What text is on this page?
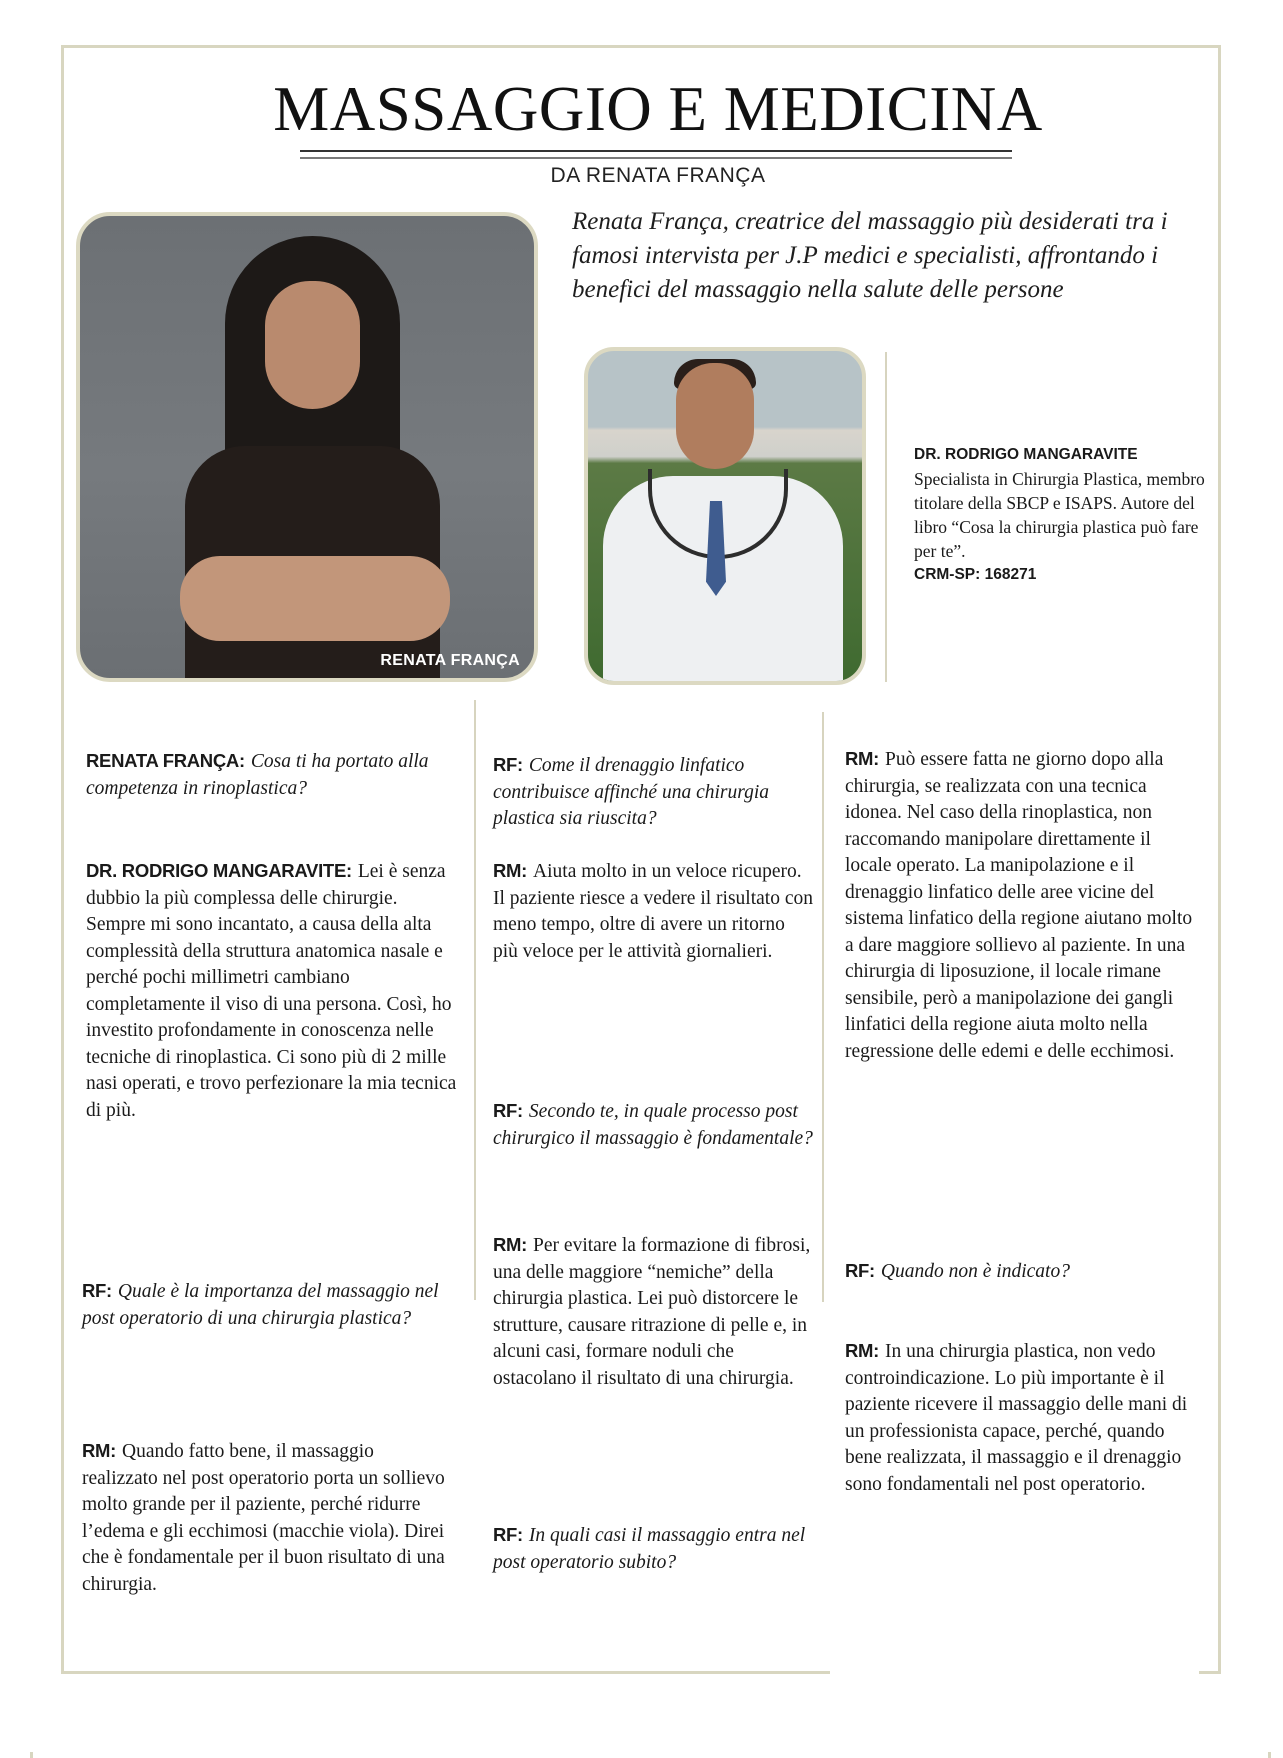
MASSAGGIO E MEDICINA
DA RENATA FRANÇA
RENATA FRANÇA
Renata França, creatrice del massaggio più desiderati tra i famosi intervista per J.P medici e specialisti, affrontando i benefici del massaggio nella salute delle persone
DR. RODRIGO MANGARAVITE
Specialista in Chirurgia Plastica, membro titolare della SBCP e ISAPS. Autore del libro “Cosa la chirurgia plastica può fare per te”.
CRM-SP: 168271
RENATA FRANÇA: Cosa ti ha portato alla competenza in rinoplastica?
DR. RODRIGO MANGARAVITE: Lei è senza dubbio la più complessa delle chirurgie. Sempre mi sono incantato, a causa della alta complessità della struttura anatomica nasale e perché pochi millimetri cambiano completamente il viso di una persona. Così, ho investito profondamente in conoscenza nelle tecniche di rinoplastica. Ci sono più di 2 mille nasi operati, e trovo perfezionare la mia tecnica di più.
RF: Quale è la importanza del massaggio nel post operatorio di una chirurgia plastica?
RM: Quando fatto bene, il massaggio realizzato nel post operatorio porta un sollievo molto grande per il paziente, perché ridurre l’edema e gli ecchimosi (macchie viola). Direi che è fondamentale per il buon risultato di una chirurgia.
RF: Come il drenaggio linfatico contribuisce affinché una chirurgia plastica sia riuscita?
RM: Aiuta molto in un veloce ricupero. Il paziente riesce a vedere il risultato con meno tempo, oltre di avere un ritorno più veloce per le attività giornalieri.
RF: Secondo te, in quale processo post chirurgico il massaggio è fondamentale?
RM: Per evitare la formazione di fibrosi, una delle maggiore “nemiche” della chirurgia plastica. Lei può distorcere le strutture, causare ritrazione di pelle e, in alcuni casi, formare noduli che ostacolano il risultato di una chirurgia.
RF: In quali casi il massaggio entra nel post operatorio subito?
RM: Può essere fatta ne giorno dopo alla chirurgia, se realizzata con una tecnica idonea. Nel caso della rinoplastica, non raccomando manipolare direttamente il locale operato. La manipolazione e il drenaggio linfatico delle aree vicine del sistema linfatico della regione aiutano molto a dare maggiore sollievo al paziente. In una chirurgia di liposuzione, il locale rimane sensibile, però a manipolazione dei gangli linfatici della regione aiuta molto nella regressione delle edemi e delle ecchimosi.
RF: Quando non è indicato?
RM: In una chirurgia plastica, non vedo controindicazione. Lo più importante è il paziente ricevere il massaggio delle mani di un professionista capace, perché, quando bene realizzata, il massaggio e il drenaggio sono fondamentali nel post operatorio.
